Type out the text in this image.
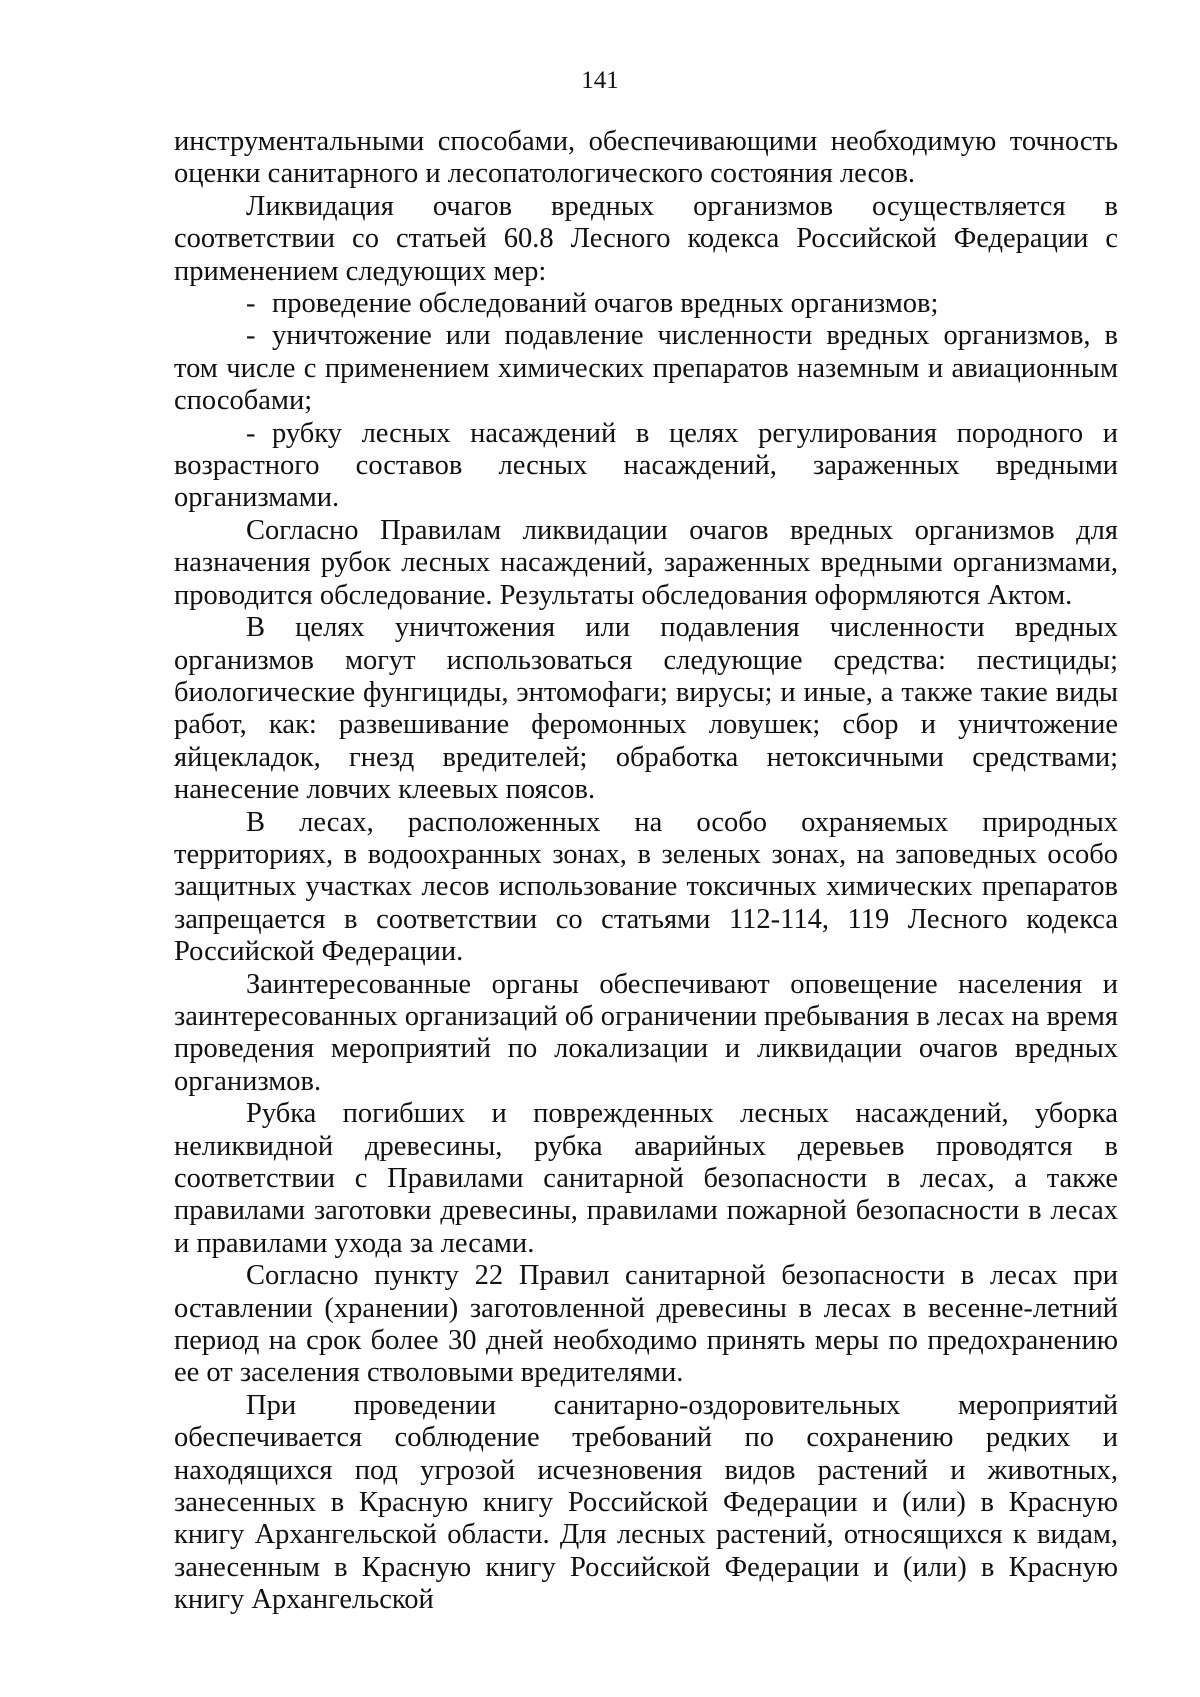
141

инструментальными способами, обеспечивающими необходимую точность оценки санитарного и лесопатологического состояния лесов.

Ликвидация очагов вредных организмов осуществляется в соответствии со статьей 60.8 Лесного кодекса Российской Федерации с применением следующих мер:

- проведение обследований очагов вредных организмов;

- уничтожение или подавление численности вредных организмов, в том числе с применением химических препаратов наземным и авиационным способами;

- рубку лесных насаждений в целях регулирования породного и возрастного составов лесных насаждений, зараженных вредными организмами.

Согласно Правилам ликвидации очагов вредных организмов для назначения рубок лесных насаждений, зараженных вредными организмами, проводится обследование. Результаты обследования оформляются Актом.

В целях уничтожения или подавления численности вредных организмов могут использоваться следующие средства: пестициды; биологические фунгициды, энтомофаги; вирусы; и иные, а также такие виды работ, как: развешивание феромонных ловушек; сбор и уничтожение яйцекладок, гнезд вредителей; обработка нетоксичными средствами; нанесение ловчих клеевых поясов.

В лесах, расположенных на особо охраняемых природных территориях, в водоохранных зонах, в зеленых зонах, на заповедных особо защитных участках лесов использование токсичных химических препаратов запрещается в соответствии со статьями 112-114, 119 Лесного кодекса Российской Федерации.

Заинтересованные органы обеспечивают оповещение населения и заинтересованных организаций об ограничении пребывания в лесах на время проведения мероприятий по локализации и ликвидации очагов вредных организмов.

Рубка погибших и поврежденных лесных насаждений, уборка неликвидной древесины, рубка аварийных деревьев проводятся в соответствии с Правилами санитарной безопасности в лесах, а также правилами заготовки древесины, правилами пожарной безопасности в лесах и правилами ухода за лесами.

Согласно пункту 22 Правил санитарной безопасности в лесах при оставлении (хранении) заготовленной древесины в лесах в весенне-летний период на срок более 30 дней необходимо принять меры по предохранению ее от заселения стволовыми вредителями.

При проведении санитарно-оздоровительных мероприятий обеспечивается соблюдение требований по сохранению редких и находящихся под угрозой исчезновения видов растений и животных, занесенных в Красную книгу Российской Федерации и (или) в Красную книгу Архангельской области. Для лесных растений, относящихся к видам, занесенным в Красную книгу Российской Федерации и (или) в Красную книгу Архангельской
